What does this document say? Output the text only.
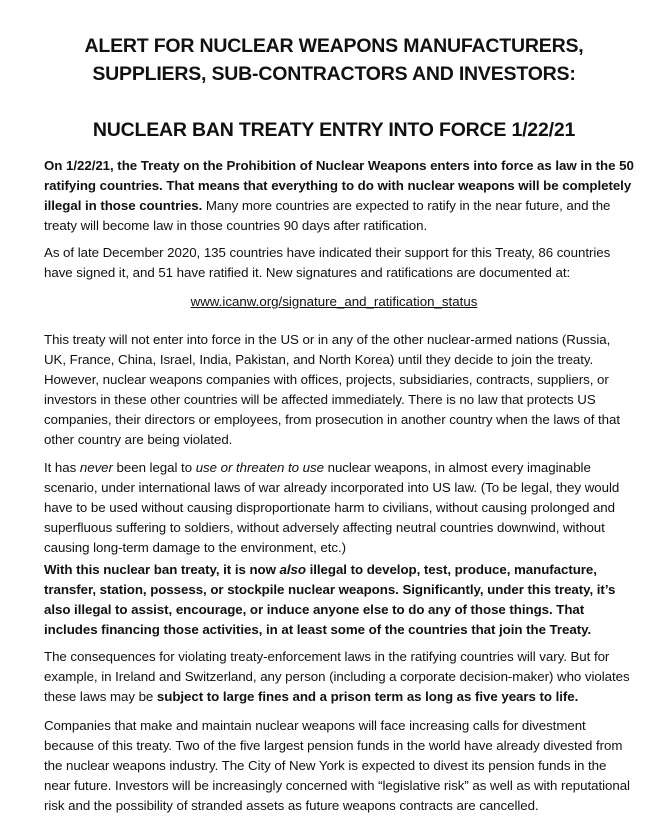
ALERT FOR NUCLEAR WEAPONS MANUFACTURERS,
SUPPLIERS, SUB-CONTRACTORS AND INVESTORS:
NUCLEAR BAN TREATY ENTRY INTO FORCE 1/22/21
On 1/22/21, the Treaty on the Prohibition of Nuclear Weapons enters into force as law in the 50 ratifying countries. That means that everything to do with nuclear weapons will be completely illegal in those countries. Many more countries are expected to ratify in the near future, and the treaty will become law in those countries 90 days after ratification.
As of late December 2020, 135 countries have indicated their support for this Treaty, 86 countries have signed it, and 51 have ratified it. New signatures and ratifications are documented at:
www.icanw.org/signature_and_ratification_status
This treaty will not enter into force in the US or in any of the other nuclear-armed nations (Russia, UK, France, China, Israel, India, Pakistan, and North Korea) until they decide to join the treaty. However, nuclear weapons companies with offices, projects, subsidiaries, contracts, suppliers, or investors in these other countries will be affected immediately. There is no law that protects US companies, their directors or employees, from prosecution in another country when the laws of that other country are being violated.
It has never been legal to use or threaten to use nuclear weapons, in almost every imaginable scenario, under international laws of war already incorporated into US law. (To be legal, they would have to be used without causing disproportionate harm to civilians, without causing prolonged and superfluous suffering to soldiers, without adversely affecting neutral countries downwind, without causing long-term damage to the environment, etc.)
With this nuclear ban treaty, it is now also illegal to develop, test, produce, manufacture, transfer, station, possess, or stockpile nuclear weapons. Significantly, under this treaty, it’s also illegal to assist, encourage, or induce anyone else to do any of those things. That includes financing those activities, in at least some of the countries that join the Treaty.
The consequences for violating treaty-enforcement laws in the ratifying countries will vary. But for example, in Ireland and Switzerland, any person (including a corporate decision-maker) who violates these laws may be subject to large fines and a prison term as long as five years to life.
Companies that make and maintain nuclear weapons will face increasing calls for divestment because of this treaty. Two of the five largest pension funds in the world have already divested from the nuclear weapons industry. The City of New York is expected to divest its pension funds in the near future. Investors will be increasingly concerned with “legislative risk” as well as with reputational risk and the possibility of stranded assets as future weapons contracts are cancelled.
